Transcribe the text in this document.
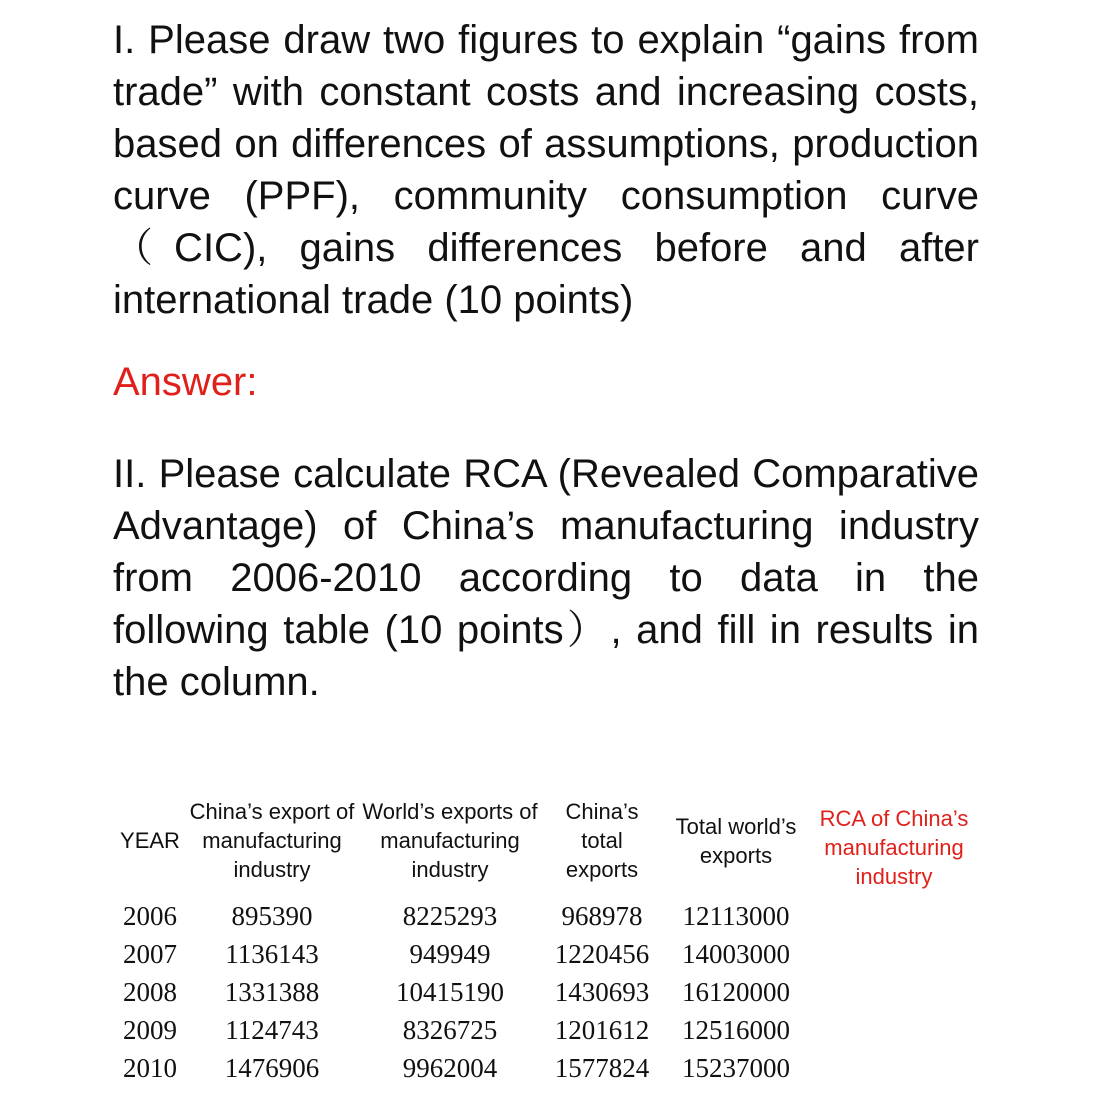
I. Please draw two figures to explain “gains from trade” with constant costs and increasing costs, based on differences of assumptions, production curve (PPF), community consumption curve（CIC), gains differences before and after international trade (10 points)

Answer:

II. Please calculate RCA (Revealed Comparative Advantage) of China’s manufacturing industry from 2006-2010 according to data in the following table (10 points）, and fill in results in the column.

YEAR	China’s export of manufacturing industry	World’s exports of manufacturing industry	China’s total exports	Total world’s exports	RCA of China’s manufacturing industry
2006	895390	8225293	968978	12113000	
2007	1136143	949949	1220456	14003000	
2008	1331388	10415190	1430693	16120000	
2009	1124743	8326725	1201612	12516000	
2010	1476906	9962004	1577824	15237000	
